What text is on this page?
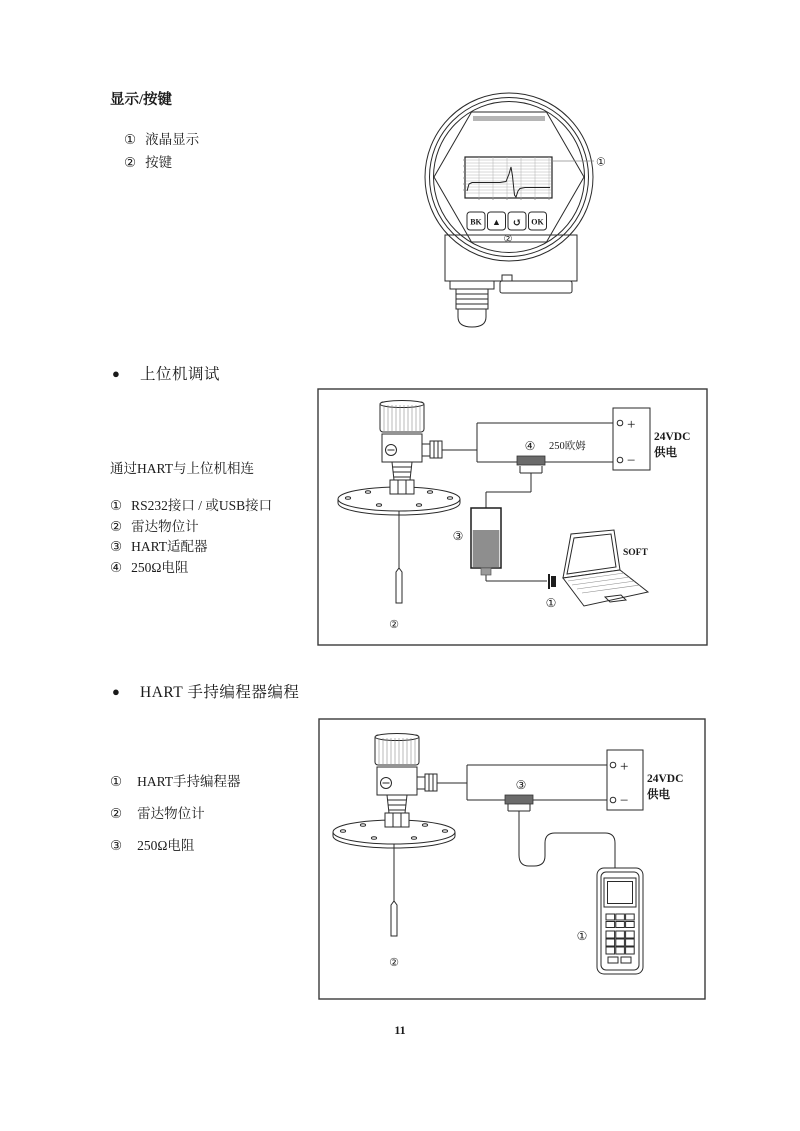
显示/按键
① 液晶显示
② 按键	①
BK ▲ ↺ OK
②
● 上位机调试
通过HART与上位机相连
① RS232接口 / 或USB接口
② 雷达物位计
③ HART适配器
④ 250Ω电阻
②
④ 250欧姆
+
−
24VDC
供电
③
①
SOFT
● HART 手持编程器编程
① HART手持编程器
② 雷达物位计
③ 250Ω电阻
②
③
+
−
24VDC
供电
①
11
